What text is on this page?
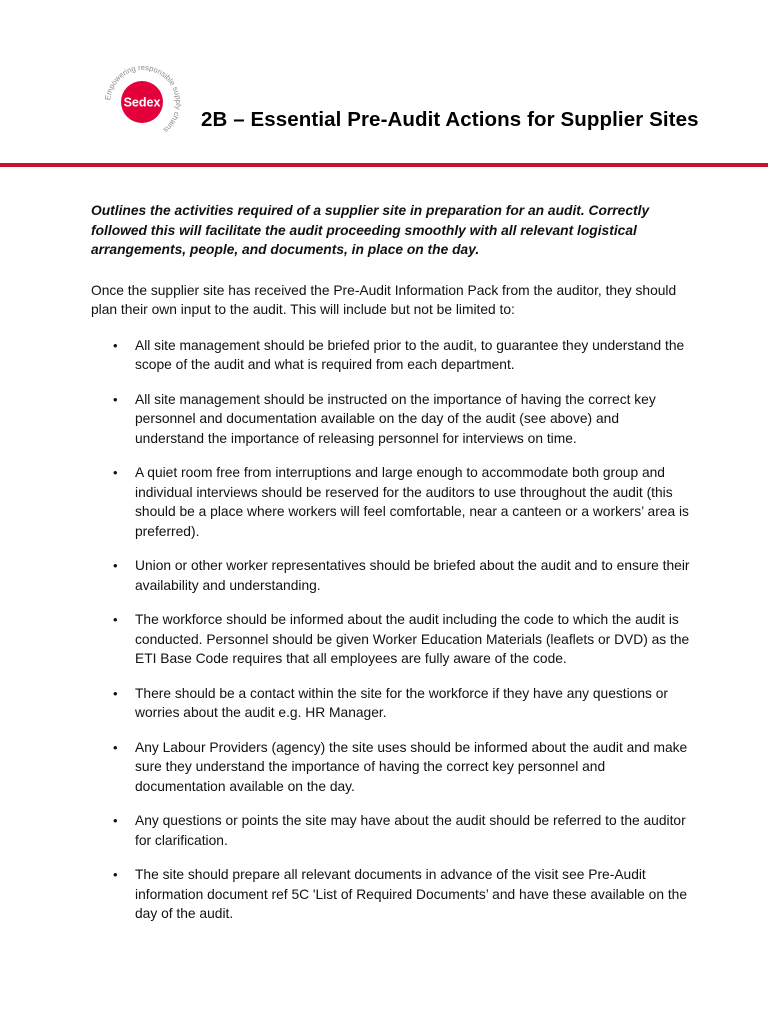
Sedex
Empowering responsible supply chains	2B – Essential Pre-Audit Actions for Supplier Sites

Outlines the activities required of a supplier site in preparation for an audit. Correctly followed this will facilitate the audit proceeding smoothly with all relevant logistical arrangements, people, and documents, in place on the day.

Once the supplier site has received the Pre-Audit Information Pack from the auditor, they should plan their own input to the audit. This will include but not be limited to:

• All site management should be briefed prior to the audit, to guarantee they understand the scope of the audit and what is required from each department.
• All site management should be instructed on the importance of having the correct key personnel and documentation available on the day of the audit (see above) and understand the importance of releasing personnel for interviews on time.
• A quiet room free from interruptions and large enough to accommodate both group and individual interviews should be reserved for the auditors to use throughout the audit (this should be a place where workers will feel comfortable, near a canteen or a workers’ area is preferred).
• Union or other worker representatives should be briefed about the audit and to ensure their availability and understanding.
• The workforce should be informed about the audit including the code to which the audit is conducted. Personnel should be given Worker Education Materials (leaflets or DVD) as the ETI Base Code requires that all employees are fully aware of the code.
• There should be a contact within the site for the workforce if they have any questions or worries about the audit e.g. HR Manager.
• Any Labour Providers (agency) the site uses should be informed about the audit and make sure they understand the importance of having the correct key personnel and documentation available on the day.
• Any questions or points the site may have about the audit should be referred to the auditor for clarification.
• The site should prepare all relevant documents in advance of the visit see Pre-Audit information document ref 5C 'List of Required Documents’ and have these available on the day of the audit.
